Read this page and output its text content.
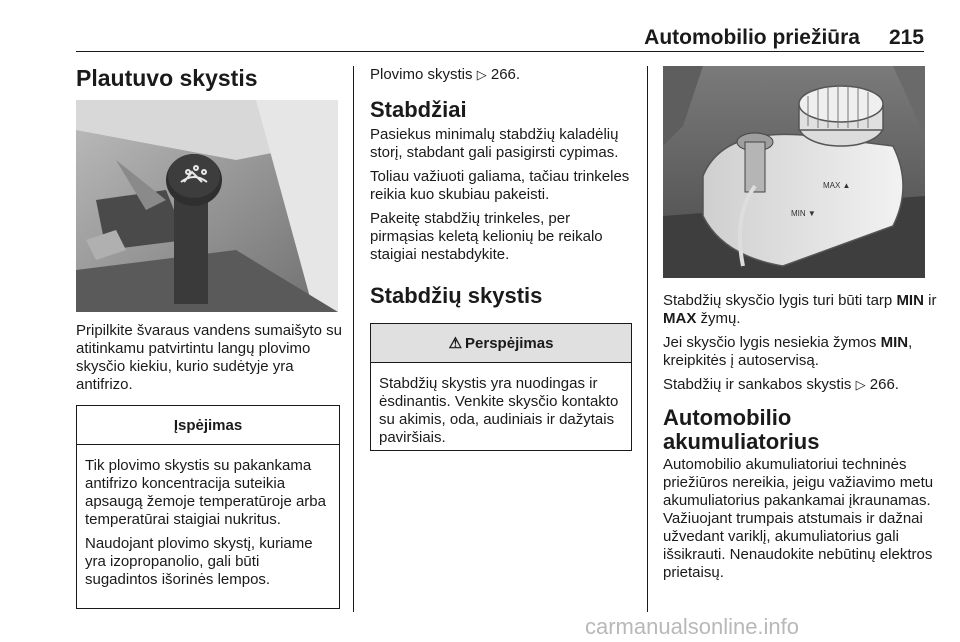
Automobilio priežiūra 215
Plautuvo skystis

Pripilkite švaraus vandens sumaišyto su atitinkamu patvirtintu langų plovimo skysčio kiekiu, kurio sudėtyje yra antifrizo.

Įspėjimas

Tik plovimo skystis su pakankama antifrizo koncentracija suteikia apsaugą žemoje temperatūroje arba temperatūrai staigiai nukritus.

Naudojant plovimo skystį, kuriame yra izopropanolio, gali būti sugadintos išorinės lempos.

Plovimo skystis ▷ 266.

Stabdžiai

Pasiekus minimalų stabdžių kaladėlių storį, stabdant gali pasigirsti cypimas.

Toliau važiuoti galiama, tačiau trinkeles reikia kuo skubiau pakeisti.

Pakeitę stabdžių trinkeles, per pirmąsias keletą kelionių be reikalo staigiai nestabdykite.

Stabdžių skystis
⚠ Perspėjimas

Stabdžių skystis yra nuodingas ir ėsdinantis. Venkite skysčio kontakto su akimis, oda, audiniais ir dažytais paviršiais.

MAX ▲
MIN ▼

Stabdžių skysčio lygis turi būti tarp MIN ir MAX žymų.

Jei skysčio lygis nesiekia žymos MIN, kreipkitės į autoservisą.

Stabdžių ir sankabos skystis ▷ 266.

Automobilio akumuliatorius

Automobilio akumuliatoriui techninės priežiūros nereikia, jeigu važiavimo metu akumuliatorius pakankamai įkraunamas. Važiuojant trumpais atstumais ir dažnai užvedant variklį, akumuliatorius gali išsikrauti. Nenaudokite nebūtinų elektros prietaisų.

carmanualsonline.info
